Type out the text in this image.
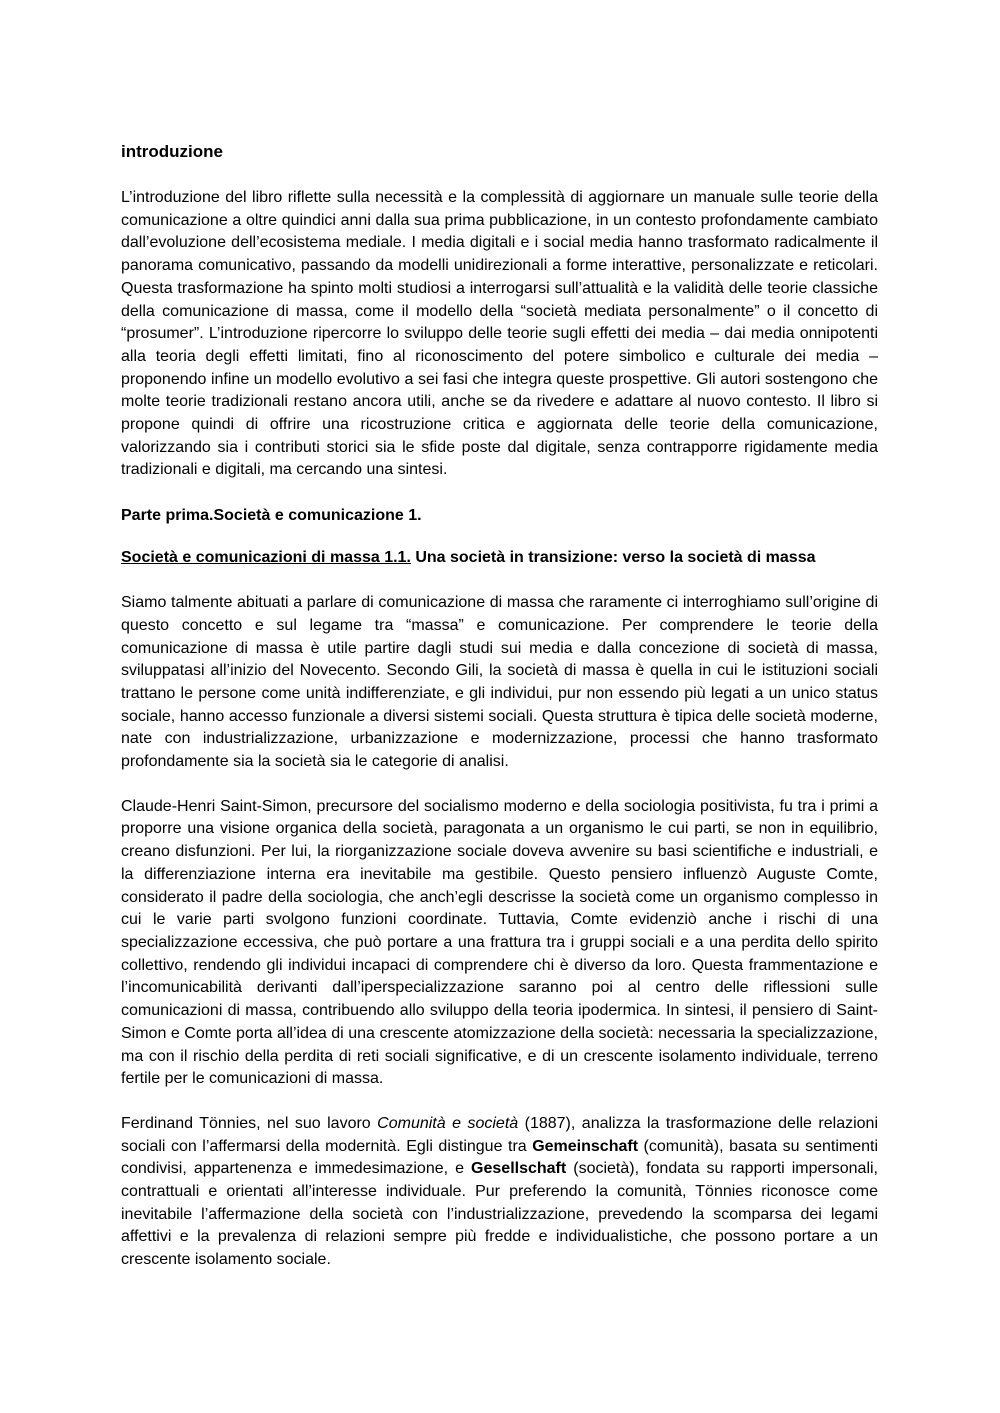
introduzione

L’introduzione del libro riflette sulla necessità e la complessità di aggiornare un manuale sulle teorie della comunicazione a oltre quindici anni dalla sua prima pubblicazione, in un contesto profondamente cambiato dall’evoluzione dell’ecosistema mediale. I media digitali e i social media hanno trasformato radicalmente il panorama comunicativo, passando da modelli unidirezionali a forme interattive, personalizzate e reticolari. Questa trasformazione ha spinto molti studiosi a interrogarsi sull’attualità e la validità delle teorie classiche della comunicazione di massa, come il modello della “società mediata personalmente” o il concetto di “prosumer”. L’introduzione ripercorre lo sviluppo delle teorie sugli effetti dei media – dai media onnipotenti alla teoria degli effetti limitati, fino al riconoscimento del potere simbolico e culturale dei media – proponendo infine un modello evolutivo a sei fasi che integra queste prospettive. Gli autori sostengono che molte teorie tradizionali restano ancora utili, anche se da rivedere e adattare al nuovo contesto. Il libro si propone quindi di offrire una ricostruzione critica e aggiornata delle teorie della comunicazione, valorizzando sia i contributi storici sia le sfide poste dal digitale, senza contrapporre rigidamente media tradizionali e digitali, ma cercando una sintesi.

Parte prima.Società e comunicazione 1.
Società e comunicazioni di massa 1.1. Una società in transizione: verso la società di massa

Siamo talmente abituati a parlare di comunicazione di massa che raramente ci interroghiamo sull’origine di questo concetto e sul legame tra “massa” e comunicazione. Per comprendere le teorie della comunicazione di massa è utile partire dagli studi sui media e dalla concezione di società di massa, sviluppatasi all’inizio del Novecento. Secondo Gili, la società di massa è quella in cui le istituzioni sociali trattano le persone come unità indifferenziate, e gli individui, pur non essendo più legati a un unico status sociale, hanno accesso funzionale a diversi sistemi sociali. Questa struttura è tipica delle società moderne, nate con industrializzazione, urbanizzazione e modernizzazione, processi che hanno trasformato profondamente sia la società sia le categorie di analisi.

Claude-Henri Saint-Simon, precursore del socialismo moderno e della sociologia positivista, fu tra i primi a proporre una visione organica della società, paragonata a un organismo le cui parti, se non in equilibrio, creano disfunzioni. Per lui, la riorganizzazione sociale doveva avvenire su basi scientifiche e industriali, e la differenziazione interna era inevitabile ma gestibile. Questo pensiero influenzò Auguste Comte, considerato il padre della sociologia, che anch’egli descrisse la società come un organismo complesso in cui le varie parti svolgono funzioni coordinate. Tuttavia, Comte evidenziò anche i rischi di una specializzazione eccessiva, che può portare a una frattura tra i gruppi sociali e a una perdita dello spirito collettivo, rendendo gli individui incapaci di comprendere chi è diverso da loro. Questa frammentazione e l’incomunicabilità derivanti dall’iperspecializzazione saranno poi al centro delle riflessioni sulle comunicazioni di massa, contribuendo allo sviluppo della teoria ipodermica. In sintesi, il pensiero di Saint-Simon e Comte porta all’idea di una crescente atomizzazione della società: necessaria la specializzazione, ma con il rischio della perdita di reti sociali significative, e di un crescente isolamento individuale, terreno fertile per le comunicazioni di massa.

Ferdinand Tönnies, nel suo lavoro Comunità e società (1887), analizza la trasformazione delle relazioni sociali con l’affermarsi della modernità. Egli distingue tra Gemeinschaft (comunità), basata su sentimenti condivisi, appartenenza e immedesimazione, e Gesellschaft (società), fondata su rapporti impersonali, contrattuali e orientati all’interesse individuale. Pur preferendo la comunità, Tönnies riconosce come inevitabile l’affermazione della società con l’industrializzazione, prevedendo la scomparsa dei legami affettivi e la prevalenza di relazioni sempre più fredde e individualistiche, che possono portare a un crescente isolamento sociale.
